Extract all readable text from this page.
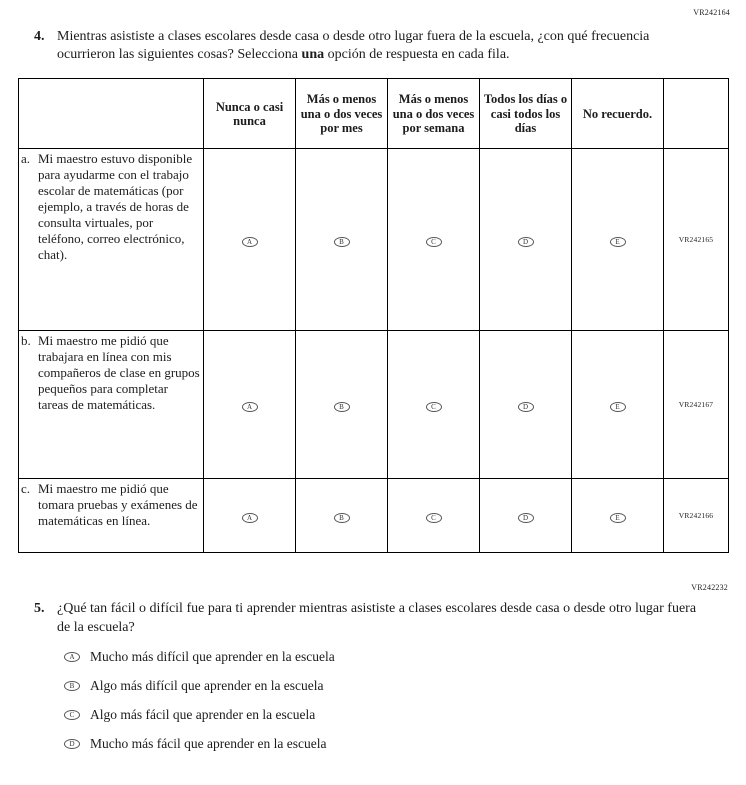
VR242164
4. Mientras asististe a clases escolares desde casa o desde otro lugar fuera de la escuela, ¿con qué frecuencia ocurrieron las siguientes cosas? Selecciona una opción de respuesta en cada fila.
	Nunca o casi nunca	Más o menos una o dos veces por mes	Más o menos una o dos veces por semana	Todos los días o casi todos los días	No recuerdo.	

a. Mi maestro estuvo disponible para ayudarme con el trabajo escolar de matemáticas (por ejemplo, a través de horas de consulta virtuales, por teléfono, correo electrónico, chat).	A	B	C	D	E	VR242165

b. Mi maestro me pidió que trabajara en línea con mis compañeros de clase en grupos pequeños para completar tareas de matemáticas.	A	B	C	D	E	VR242167

c. Mi maestro me pidió que tomara pruebas y exámenes de matemáticas en línea.	A	B	C	D	E	VR242166
VR242232
5. ¿Qué tan fácil o difícil fue para ti aprender mientras asististe a clases escolares desde casa o desde otro lugar fuera de la escuela?
A	Mucho más difícil que aprender en la escuela
B	Algo más difícil que aprender en la escuela
C	Algo más fácil que aprender en la escuela
D	Mucho más fácil que aprender en la escuela
